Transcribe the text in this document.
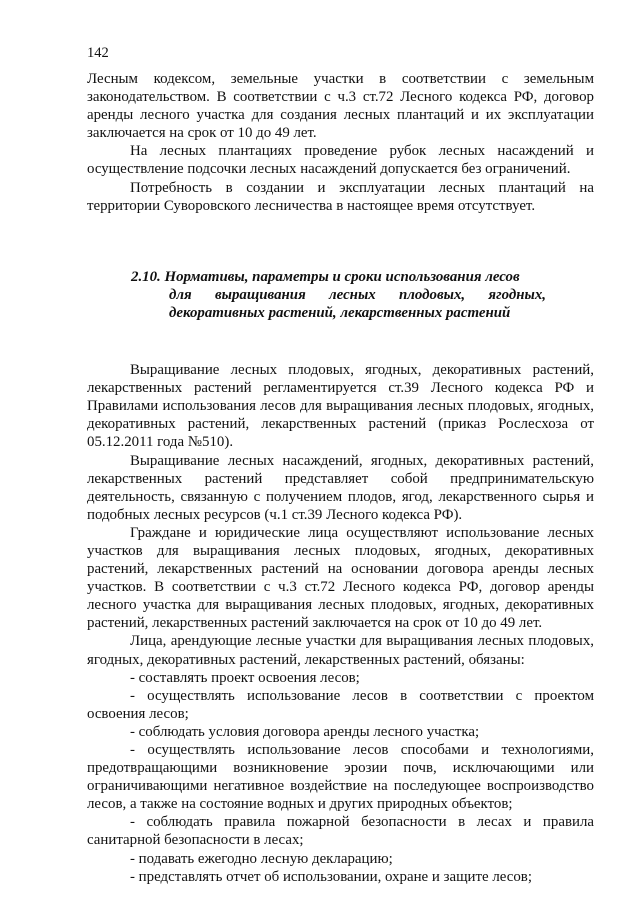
142

Лесным кодексом, земельные участки в соответствии с земельным законодательством. В соответствии с ч.3 ст.72 Лесного кодекса РФ, договор аренды лесного участка для создания лесных плантаций и их эксплуатации заключается на срок от 10 до 49 лет.

На лесных плантациях проведение рубок лесных насаждений и осуществление подсочки лесных насаждений допускается без ограничений.

Потребность в создании и эксплуатации лесных плантаций на территории Суворовского лесничества в настоящее время отсутствует.

2.10. Нормативы, параметры и сроки использования лесов
для выращивания лесных плодовых, ягодных,
декоративных растений, лекарственных растений

Выращивание лесных плодовых, ягодных, декоративных растений, лекарственных растений регламентируется ст.39 Лесного кодекса РФ и Правилами использования лесов для выращивания лесных плодовых, ягодных, декоративных растений, лекарственных растений (приказ Рослесхоза от 05.12.2011 года №510).

Выращивание лесных насаждений, ягодных, декоративных растений, лекарственных растений представляет собой предпринимательскую деятельность, связанную с получением плодов, ягод, лекарственного сырья и подобных лесных ресурсов (ч.1 ст.39 Лесного кодекса РФ).

Граждане и юридические лица осуществляют использование лесных участков для выращивания лесных плодовых, ягодных, декоративных растений, лекарственных растений на основании договора аренды лесных участков. В соответствии с ч.3 ст.72 Лесного кодекса РФ, договор аренды лесного участка для выращивания лесных плодовых, ягодных, декоративных растений, лекарственных растений заключается на срок от 10 до 49 лет.

Лица, арендующие лесные участки для выращивания лесных плодовых, ягодных, декоративных растений, лекарственных растений, обязаны:

- составлять проект освоения лесов;

- осуществлять использование лесов в соответствии с проектом освоения лесов;

- соблюдать условия договора аренды лесного участка;

- осуществлять использование лесов способами и технологиями, предотвращающими возникновение эрозии почв, исключающими или ограничивающими негативное воздействие на последующее воспроизводство лесов, а также на состояние водных и других природных объектов;

- соблюдать правила пожарной безопасности в лесах и правила санитарной безопасности в лесах;

- подавать ежегодно лесную декларацию;

- представлять отчет об использовании, охране и защите лесов;
